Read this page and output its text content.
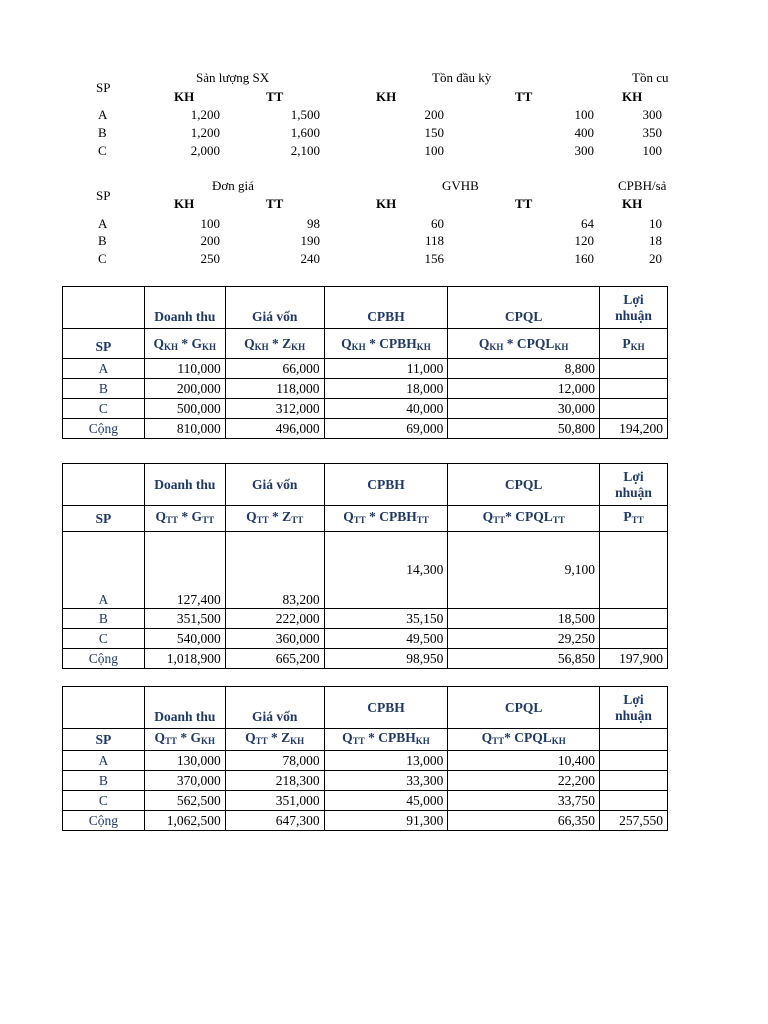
SP
Sản lượng SX	Tồn đầu kỳ	Tồn cu
KH	TT	KH	TT	KH
A	1,200	1,500	200	100	300
B	1,200	1,600	150	400	350
C	2,000	2,100	100	300	100
SP
Đơn giá	GVHB	CPBH/sả
KH	TT	KH	TT	KH
A	100	98	60	64	10
B	200	190	118	120	18
C	250	240	156	160	20
	Doanh thu	Giá vốn	CPBH	CPQL	Lợi nhuận
SP	$Q_{KH} * G_{KH}$	$Q_{KH} * Z_{KH}$	$Q_{KH}$ * $CPBH_{KH}$	$Q_{KH}$ * $CPQL_{KH}$	$P_{KH}$
A	110,000	66,000	11,000	8,800	
B	200,000	118,000	18,000	12,000	
C	500,000	312,000	40,000	30,000	
Cộng	810,000	496,000	69,000	50,800	194,200
	Doanh thu	Giá vốn	CPBH	CPQL	Lợi nhuận
SP	$Q_{TT} * G_{TT}$	$Q_{TT} * Z_{TT}$	$Q_{TT}$ * $CPBH_{TT}$	$Q_{TT}*$ $CPQL_{TT}$	$P_{TT}$
A	127,400	83,200	14,300	9,100	
B	351,500	222,000	35,150	18,500	
C	540,000	360,000	49,500	29,250	
Cộng	1,018,900	665,200	98,950	56,850	197,900
	Doanh thu	Giá vốn	CPBH	CPQL	Lợi nhuận
SP	$Q_{TT} * G_{KH}$	$Q_{TT} * Z_{KH}$	$Q_{TT}$ * $CPBH_{KH}$	$Q_{TT}*$ $CPQL_{KH}$	
A	130,000	78,000	13,000	10,400	
B	370,000	218,300	33,300	22,200	
C	562,500	351,000	45,000	33,750	
Cộng	1,062,500	647,300	91,300	66,350	257,550
